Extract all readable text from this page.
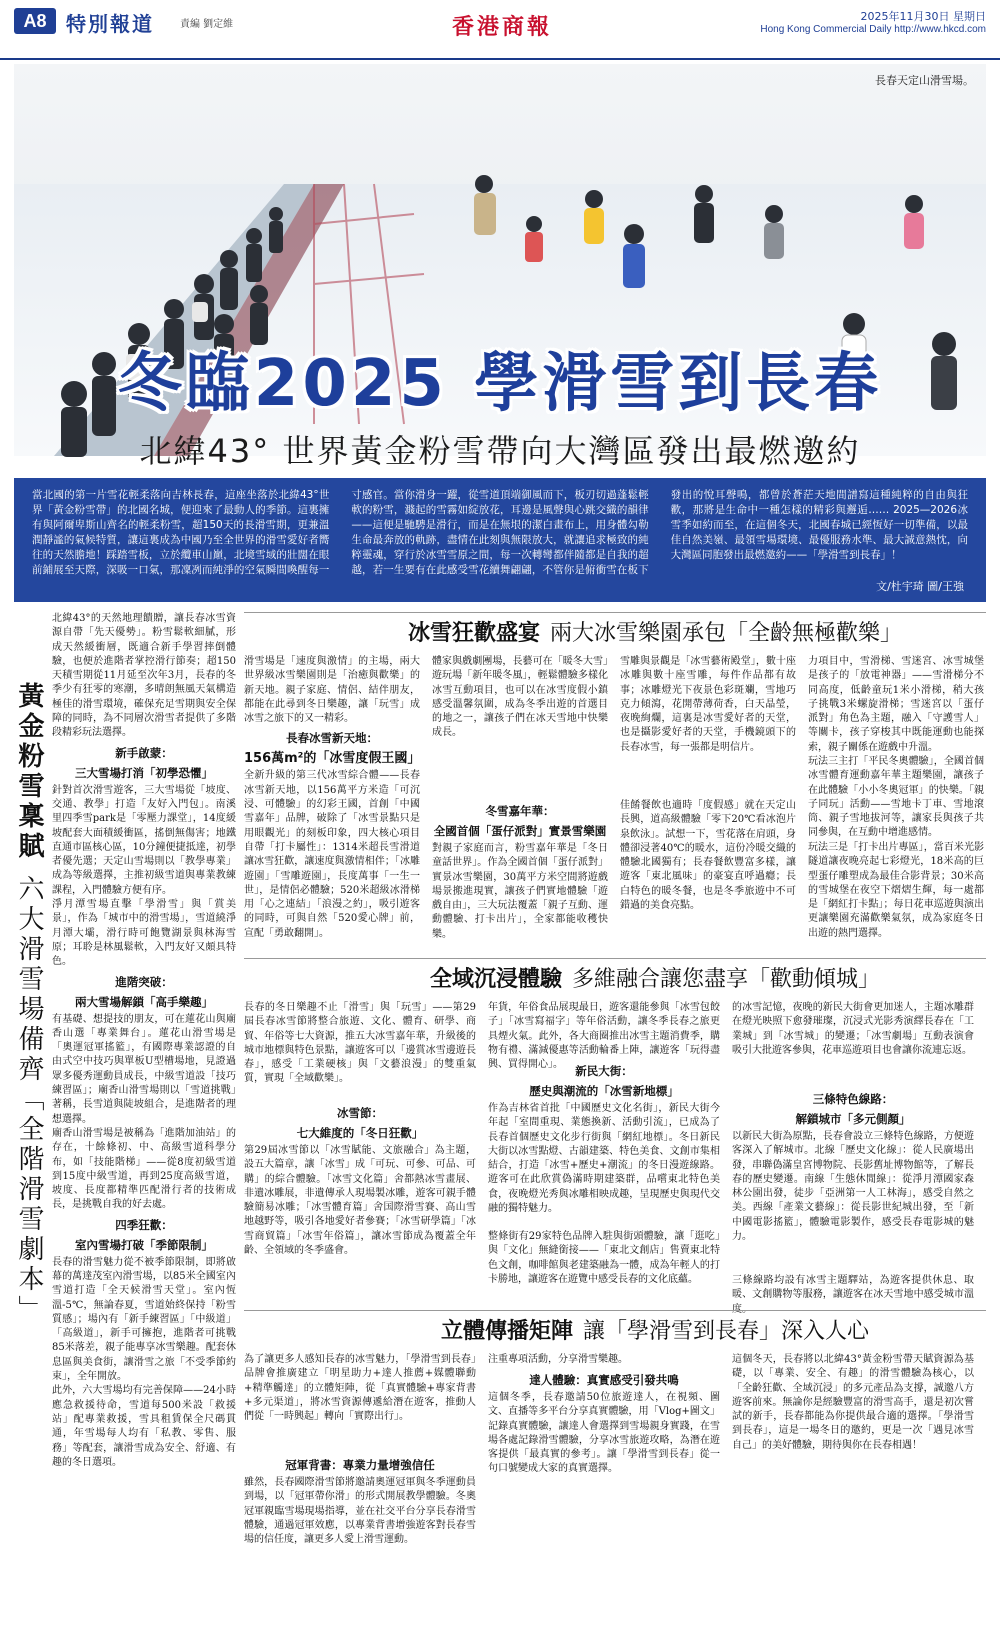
A8 特別報道	責編 劉定維	香港商報	2025年11月30日 星期日
Hong Kong Commercial Daily http://www.hkcd.com
長春天定山滑雪場。
冬臨2025 學滑雪到長春
北緯43° 世界黃金粉雪帶向大灣區發出最燃邀約

當北國的第一片雪花輕柔落向吉林長春，這座坐落於北緯43°世界「黃金粉雪帶」的北國名城，便迎來了最動人的季節。這裏擁有與阿爾卑斯山齊名的輕柔粉雪，超150天的長滑雪期，更兼溫潤靜謐的氣候特質，讓這裏成為中國乃至全世界的滑雪愛好者嚮往的天然膽地！踩踏雪板，立於纜車山巔，北境雪域的壯闊在眼前鋪展至天際，深吸一口氣，那凜冽而純淨的空氣瞬間喚醒每一寸感官。當你滑身一躍，從雪道頂端御風而下，板刃切過蓬鬆輕軟的粉雪，濺起的雪霧如綻放花，耳邊是風聲與心跳交織的韻律——這便是馳騁是滑行，而是在無垠的潔白畫布上，用身體勾勒生命最奔放的軌跡，盡情在此刻與無限放大，就讓追求極致的純粹靈魂，穿行於冰雪雪原之間，每一次轉彎都伴隨都是自我的超越，若一生要有在此感受雪花續舞翩翩，不管你是俯衝雪在板下發出的悅耳聲鳴，都曾於蒼茫天地間譜寫這種純粹的自由與狂歡，那將是生命中一種怎樣的精彩與邂逅…… 2025—2026冰雪季如約而至，在這個冬天，北國春城已經恆好一切準備，以最佳自然美嶺、最領雪場環境、最優服務水準、最大誠意熱忱，向大灣區同胞發出最燃邀約——「學滑雪到長春」！

文/杜宇琦 圖/王強
黃金粉雪稟賦 六大滑雪場備齊「全階滑雪劇本」

北緯43°的天然地理饋贈，讓長春冰雪資源自帶「先天優勢」。粉雪鬆軟細膩，形成天然緩衝層，既適合新手學習摔倒體驗，也便於進階者掌控滑行節奏；超150天積雪期從11月延至次年3月，長春的冬季少有狂零的寒潮，多晴朗無風天氣構造極佳的滑雪環境，確保充足雪期與安全保障的同時，為不同層次滑雪者提供了多階段精彩玩法選擇。

新手啟蒙：
三大雪場打消「初學恐懼」

針對首次滑雪遊客，三大雪場從「坡度、交通、教學」打造「友好入門包」。南溪里四季雪park是「零壓力課堂」，14度緩坡配套大面積緩衝區，搖倒無傷害；地鐵直通市區核心區，10分鐘便捷抵達，初學者優先選；天定山雪場則以「教學專業」成為等級選擇，主推初級雪道與專業教練課程，入門體驗方便有序。

淨月潭雪場直擊「學滑雪」與「賞美景」，作為「城市中的滑雪場」，雪道繞淨月潭大壩，滑行時可飽覽湖景與林海雪原；耳聆是林風鬆軟，入門友好又頗具特色。

進階突破：
兩大雪場解鎖「高手樂趣」

有基礎、想提技的朋友，可在蓮花山與廟香山選「專業舞台」。蓮花山滑雪場是「奧運冠軍搖籃」，有國際專業認證的自由式空中技巧與單板U型槽場地，見證過眾多優秀運動員成長，中級雪道設「技巧練習區」；廟香山滑雪場則以「雪道挑戰」著稱，長雪道與陡坡組合，是進階者的理想選擇。

廟香山滑雪場是被稱為「進階加油站」的存在，十餘條初、中、高級雪道科學分布，如「技能階梯」——從8度初級雪道到15度中級雪道，再到25度高級雪道，坡度、長度都精準匹配滑行者的技術成長，是挑戰自我的好去處。

四季狂歡：
室內雪場打破「季節限制」

長春的滑雪魅力從不被季節限制，即將啟幕的萬達茂室內滑雪場，以85米全國室內雪道打造「全天候滑雪天堂」。室內恆溫-5℃，無論春夏，雪道始終保持「粉雪質感」；場內有「新手練習區」「中級道」「高級道」，新手可擁抱，進階者可挑戰85米落差，親子能專享冰雪樂趣。配套休息區與美食街，讓滑雪之旅「不受季節約束」，全年開放。

此外，六大雪場均有完善保障——24小時應急救援待命，雪道每500米設「救援站」配專業救援，雪具租賃保全尺碼貫通，年雪場每人均有「私教、零售、服務」等配套，讓滑雪成為安全、舒適、有趣的冬日選項。

冰雪狂歡盛宴 兩大冰雪樂園承包「全齡無極歡樂」

滑雪場是「速度與激情」的主場，兩大世界級冰雪樂園則是「治癒與歡樂」的新天地。親子家庭、情侶、結伴朋友，都能在此尋到冬日樂趣，讓「玩雪」成冰雪之旅下的又一精彩。

長春冰雪新天地：
156萬m²的「冰雪度假王國」

全新升級的第三代冰雪綜合體——長春冰雪新天地，以156萬平方米造「可沉浸、可體驗」的幻彩王國，首創「中國雪嘉年」品牌，破除了「冰雪景點只是用眼觀光」的刻板印象，四大核心項目自帶「打卡屬性」：1314米超長雪滑道讓冰雪狂歡，讓速度與激情相伴；「冰雕遊園」「雪雕遊園」，長度萬事「一生一世」，是情侶必體驗；520米超級冰滑梯用「心之連結」「浪漫之約」，吸引遊客的同時，可與自然「520愛心牌」前，宣配「勇敢翻開」。

體家與戲劇團場，長藝可在「暖冬大雪」遊玩場「新年暖冬風」，輕鬆體驗多樣化冰雪互動項目，也可以在冰雪度假小鎮感受溫馨氛圍，成為冬季出遊的首選目的地之一，讓孩子們在冰天雪地中快樂成長。

冬雪嘉年華：
全國首個「蛋仔派對」實景雪樂園

對親子家庭而言，粉雪嘉年華是「冬日童話世界」。作為全國首個「蛋仔派對」實景冰雪樂園，30萬平方米空間將遊戲場景搬進現實，讓孩子們實地體驗「遊戲自由」，三大玩法覆蓋「親子互動、運動體驗、打卡出片」，全家都能收穫快樂。

雪雕與景觀是「冰雪藝術殿堂」，數十座冰雕與數十座雪雕，每件作品都有故事；冰雕燈光下夜景色彩斑斕，雪地巧克力傾瀉，花開帶薄荷香，白天晶瑩，夜晚絢爛，這裏是冰雪愛好者的天堂，也是攝影愛好者的天堂，手機鏡頭下的長春冰雪，每一張都是明信片。

佳餚餐飲也適時「度假感」就在天定山長興，道高級體驗「零下20℃看冰泡片泉飲泳」。試想一下，雪花落在肩頭，身體卻浸著40℃的暖水，這份冷暖交織的體驗北國獨有；長春餐飲豐富多樣，讓遊客「東北風味」的豪宴直呼過癮；長白特色的暖冬餐，也是冬季旅遊中不可錯過的美食亮點。

力項目中，雪滑梯、雪迷宮、冰雪城堡是孩子的「放電神器」——雪滑梯分不同高度，低齡童玩1米小滑梯，稍大孩子挑戰3米螺旋滑梯；雪迷宮以「蛋仔派對」角色為主題，融入「守護雪人」等關卡，孩子穿梭其中既能運動也能探索，親子關係在遊戲中升溫。

玩法三主打「平民冬奧體驗」，全國首個冰雪體育運動嘉年華主題樂園，讓孩子在此體驗「小小冬奧冠軍」的快樂。「親子同玩」活動——雪地卡丁車、雪地滾筒、親子雪地拔河等，讓家長與孩子共同參與，在互動中增進感情。

玩法三是「打卡出片專區」，當百米光影隧道讓夜晚亮起七彩燈光，18米高的巨型蛋仔雕塑成為最佳合影背景；30米高的雪城堡在夜空下熠熠生輝，每一處都是「網紅打卡點」；每日花車巡遊與演出更讓樂園充滿歡樂氣氛，成為家庭冬日出遊的熱門選擇。

全域沉浸體驗 多維融合讓您盡享「歡動傾城」

長春的冬日樂趣不止「滑雪」與「玩雪」——第29屆長春冰雪節將整合旅遊、文化、體育、研學、商貿、年俗等七大資源，推五大冰雪嘉年華，升級後的城市地標與特色景點，讓遊客可以「邊賞冰雪邊遊長春」，感受「工業硬核」與「文藝浪漫」的雙重氣質，實現「全域歡樂」。

冰雪節：
七大維度的「冬日狂歡」

第29屆冰雪節以「冰雪賦能、文旅融合」為主題，設五大篇章，讓「冰雪」成「可玩、可參、可品、可購」的綜合體驗。「冰雪文化篇」舍都熱冰雪畫展、非遺冰雕展，非遺傳承人現場製冰雕，遊客可親手體驗簡易冰雕；「冰雪體育篇」舍国際滑雪賽、高山雪地越野等，吸引各地愛好者參賽；「冰雪研學篇」「冰雪商貿篇」「冰雪年俗篇」，讓冰雪節成為覆蓋全年齡、全領域的冬季盛會。

年貨，年俗食品展現最日，遊客還能參與「冰雪包餃子」「冰雪寫福字」等年俗活動，讓冬季長春之旅更具煙火氣。此外，各大商圈推出冰雪主題消費季，購物有禮、滿減優惠等活動輪番上陣，讓遊客「玩得盡興、買得開心」。	新民大街：
歷史與潮流的「冰雪新地標」

作為吉林省首批「中國歷史文化名街」，新民大街今年起「室間重現、業態換新、活動引流」，已成為了長春首個歷史文化步行街與「網紅地標」。冬日新民大街以冰雪點燈、古韻建築、特色美食、文創市集相結合，打造「冰雪+歷史+潮流」的冬日漫遊線路。遊客可在此欣賞偽滿時期建築群，品嚐東北特色美食，夜晚燈光秀與冰雕相映成趣，呈現歷史與現代交融的獨特魅力。

整條街有29家特色品牌入駐與街頭體驗，讓「逛吃」與「文化」無縫銜接——「東北文創店」售賣東北特色文創，咖啡館與老建築融為一體，成為年輕人的打卡勝地，讓遊客在遊覽中感受長春的文化底蘊。

的冰雪記憶，夜晚的新民大街會更加迷人，主題冰雕群在燈光映照下愈發璀璨，沉浸式光影秀演繹長春在「工業城」到「冰雪城」的變遷；「冰雪劇場」互動表演會吸引大批遊客參與，花車巡遊項目也會讓你流連忘返。

三條特色線路：
解鎖城市「多元側顏」

以新民大街為原點，長春會設立三條特色線路，方便遊客深入了解城市。北線「歷史文化線」：從人民廣場出發，串聯偽滿皇宮博物院、長影舊址博物館等，了解長春的歷史變遷。南線「生態休閒線」：從淨月潭國家森林公園出發，徒步「亞洲第一人工林海」，感受自然之美。西線「產業文藝線」：從長影世紀城出發，至「新中國電影搖籃」，體驗電影製作，感受長春電影城的魅力。

三條線路均設有冰雪主題驛站，為遊客提供休息、取暖、文創購物等服務，讓遊客在冰天雪地中感受城市溫

立體傳播矩陣 讓「學滑雪到長春」深入人心

為了讓更多人感知長春的冰雪魅力，「學滑雪到長春」品牌會推廣建立「明星助力+達人推薦+媒體聯動+精準觸達」的立體矩陣，從「真實體驗+專家背書+多元渠道」，將冰雪資源傳遞給潛在遊客，推動人們從「一時興起」轉向「實際出行」。

冠軍背書：專業力量增強信任

雖然，長春國際滑雪節將邀請奧運冠軍與冬季運動員到場，以「冠軍帶你滑」的形式開展教學體驗。冬奧冠軍親臨雪場現場指導，並在社交平台分享長春滑雪體驗，通過冠軍效應，以專業背書增強遊客對長春雪場的信任度，讓更多人愛上滑雪運動。

注重專項活動，分享滑雪樂趣。

達人體驗：真實感受引發共鳴

這個冬季，長春邀請50位旅遊達人，在視頻、圖文、直播等多平台分享真實體驗，用「Vlog+圖文」記錄真實體驗，讓達人會選擇到雪場親身實踐，在雪場各處記錄滑雪體驗，分享冰雪旅遊攻略，為潛在遊客提供「最真實的參考」。讓「學滑雪到長春」從一句口號變成大家的真實選擇。

這個冬天，長春將以北緯43°黃金粉雪帶天賦資源為基礎，以「專業、安全、有趣」的滑雪體驗為核心，以「全齡狂歡、全域沉浸」的多元產品為支撐，誠邀八方遊客前來。無論你是經驗豐富的滑雪高手，還是初次嘗試的新手，長春都能為你提供最合適的選擇。「學滑雪到長春」，這是一場冬日的邀約，更是一次「遇見冰雪自己」的美好體驗，期待與你在長春相遇！
